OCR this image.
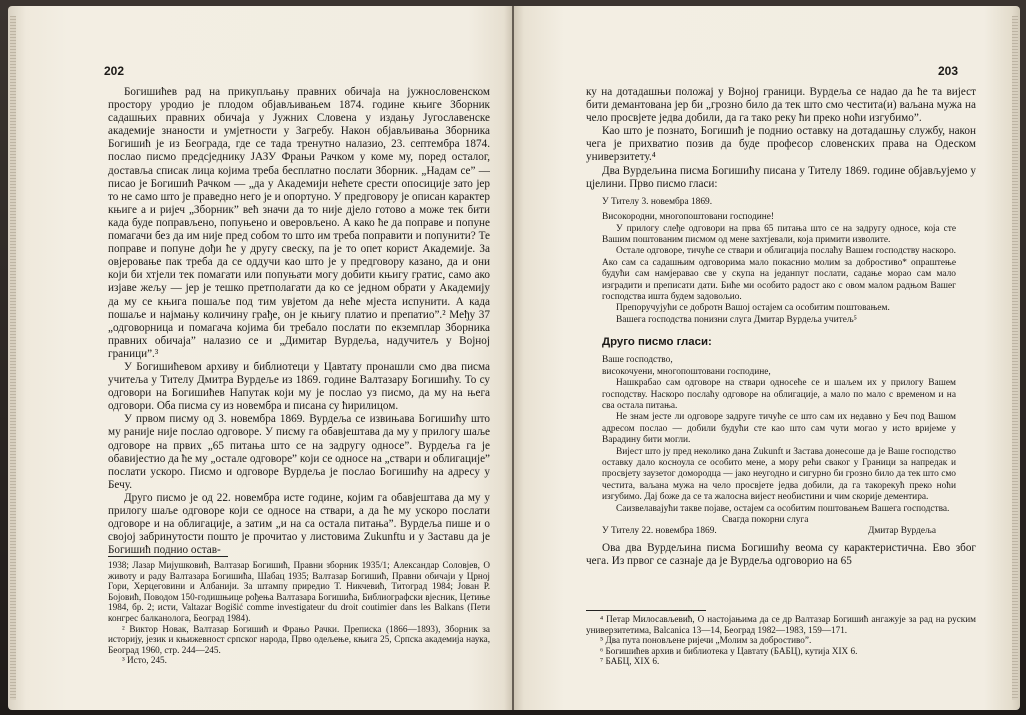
202

Богишићев рад на прикупљању правних обичаја на јужнословенском простору уродио је плодом објављивањем 1874. године књиге Зборник садашњих правних обичаја у Јужних Словена у издању Југославенске академије знаности и умјетности у Загребу. Након објављивања Зборника Богишић је из Београда, где се тада тренутно налазио, 23. септембра 1874. послао писмо предсједнику ЈАЗУ Фрањи Рачком у коме му, поред осталог, доставља списак лица којима треба бесплатно послати Зборник. „Надам се” — писао је Богишић Рачком — „да у Академији нећете срести опосиције зато јер то не само што је праведно него је и опортуно. У предговору је описан карактер књиге а и ријеч „Зборник” већ значи да то није дјело готово а може тек бити када буде поправљено, попуњено и оверовљено. А како ће да поправе и попуне помагачи без да им није пред собом то што им треба поправити и попунити? Те поправе и попуне дођи ће у другу свеску, па је то опет корист Академије. За овјеровање пак треба да се оддучи као што је у предговору казано, да и они који би хтјели тек помагати или попуњати могу добити књигу гратис, само ако изјаве жељу — јер је тешко претполагати да ко се једном обрати у Академију да му се књига пошаље под тим увјетом да неће мјеста испунити. А када пошаље и најмању количину грађе, он је књигу платио и препатио”.² Међу 37 „одговорница и помагача којима би требало послати по екземплар Зборника правних обичаја” налазио се и „Димитар Вурдеља, надучитељ у Војној граници”.³

У Богишићевом архиву и библиотеци у Цавтату пронашли смо два писма учитеља у Тителу Дмитра Вурдеље из 1869. године Валтазару Богишићу. То су одговори на Богишићев Напутак који му је послао уз писмо, да му на њега одговори. Оба писма су из новембра и писана су ћирилицом.

У првом писму од 3. новембра 1869. Вурдеља се извињава Богишићу што му раније није послао одговоре. У писму га обавјештава да му у прилогу шаље одговоре на првих „65 питања што се на задругу односе”. Вурдеља га је обавијестио да ће му „остале одговоре” који се односе на „ствари и облигације” послати ускоро. Писмо и одговоре Вурдеља је послао Богишићу на адресу у Бечу.

Друго писмо је од 22. новембра исте године, којим га обавјештава да му у прилогу шаље одговоре који се односе на ствари, а да ће му ускоро послати одговоре и на облигације, а затим „и на са остала питања”. Вурдеља пише и о својој забринутости пошто је прочитао у листовима Zukunftu и у Заставu да је Богишић поднио остав-

1938; Лазар Мијушковић, Валтазар Богишић, Правни зборник 1935/1; Александар Соловјев, О животу и раду Валтазара Богишића, Шабац 1935; Валтазар Богишић, Правни обичаји у Црној Гори, Херцеговини и Албанији. За штампу приредио Т. Никчевић, Титоград 1984; Јован Р. Бојовић, Поводом 150-годишњице рођења Валтазара Богишића, Библиографски вјесник, Цетиње 1984, бр. 2; исти, Valtazar Bogišić comme investigateur du droit coutimier dans les Balkans (Пети конгрес балканолога, Београд 1984).

² Виктор Новак, Валтазар Богишић и Фрањо Рачки. Преписка (1866—1893), Зборник за историју, језик и књижевност српског народа, Прво одељење, књига 25, Српска академија наука, Београд 1960, стр. 244—245.

³ Исто, 245.

203

ку на дотадашњи положај у Војној граници. Вурдеља се надао да ће та вијест бити демантована јер би „грозно било да тек што смо честита(и) ваљана мужа на чело просвјете једва добили, да га тако реку ћи преко ноћи изгубимо”.

Као што је познато, Богишић је поднио оставку на дотадашњу службу, након чега је прихватио позив да буде професор словенских права на Одеском универзитету.⁴

Два Вурдељина писма Богишићу писана у Тителу 1869. године објављујемо у цјелини. Прво писмо гласи:

У Тителу 3. новембра 1869.

Високородни, многопоштовани господине!

У прилогу слеђе одговори на прва 65 питања што се на задругу односе, која сте Вашим поштованим писмом од мене захтјевали, која примити изволите.

Остале одговоре, тичуће се ствари и облигација послаћу Вашем господству наскоро. Ако сам са садашњим одговорима мало покаснио молим за добростиво* опраштење будући сам намјеравао све у скупа на једанпут послати, садање морао сам мало изградити и преписати дати. Биће ми особито радост ако с овом малом радњом Вашег господства иштa будем задовољио.

Препоручујући се добротн Вашој остајем са особитим поштовањем.

Вашега господства понизни слуга Дмитар Вурдеља учитељ⁵

Друго писмо гласи:

Ваше господство,

високочуени, многопоштовани господине,

Нашкрабао сам одговоре на ствари односеће се и шаљем их у прилогу Вашем господству. Наскоро послаћу одговоре на облигације, а мало по мало с временом и на сва остала питања.

Не знам јесте ли одговоре задруге тичуће се што сам их недавно у Беч под Вашом адресом послао — добили будући сте као што сам чути могао у исто вријеме у Варадину бити могли.

Вијест што ју пред неколико дана Zukunft и Застава донесоше да је Ваше господство оставку дало косноула се особито мене, а мору рећи сваког у Граници за напредак и просвјету заузетог домородца — јако неугодно и сигурно би грозно било да тек што смо честита, ваљана мужа на чело просвјете једва добили, да га такорекућ преко ноћи изгубимо. Дај боже да се та жалосна вијест необистини и чим скорије дементира.

Саизвелавајући такве појаве, остајем са особитим поштовањем Вашега господства.

Свагда покорни слуга

У Тителу 22. новембра 1869.	Дмитар Вурдеља

Ова два Вурдељина писма Богишићу веома су карактеристична. Ево због чега. Из првог се сазнаје да је Вурдеља одговорио на 65

⁴ Петар Милосављевић, О настојањима да се др Валтазар Богишић ангажује за рад на руским универзитетима, Balcanica 13—14, Београд 1982—1983, 159—171.

⁵ Два пута поновљене ријечи „Молим за добростиво”.

⁶ Богишићев архив и библиотека у Цавтату (БАБЦ), кутија XIX 6.

⁷ БАБЦ, XIX 6.
